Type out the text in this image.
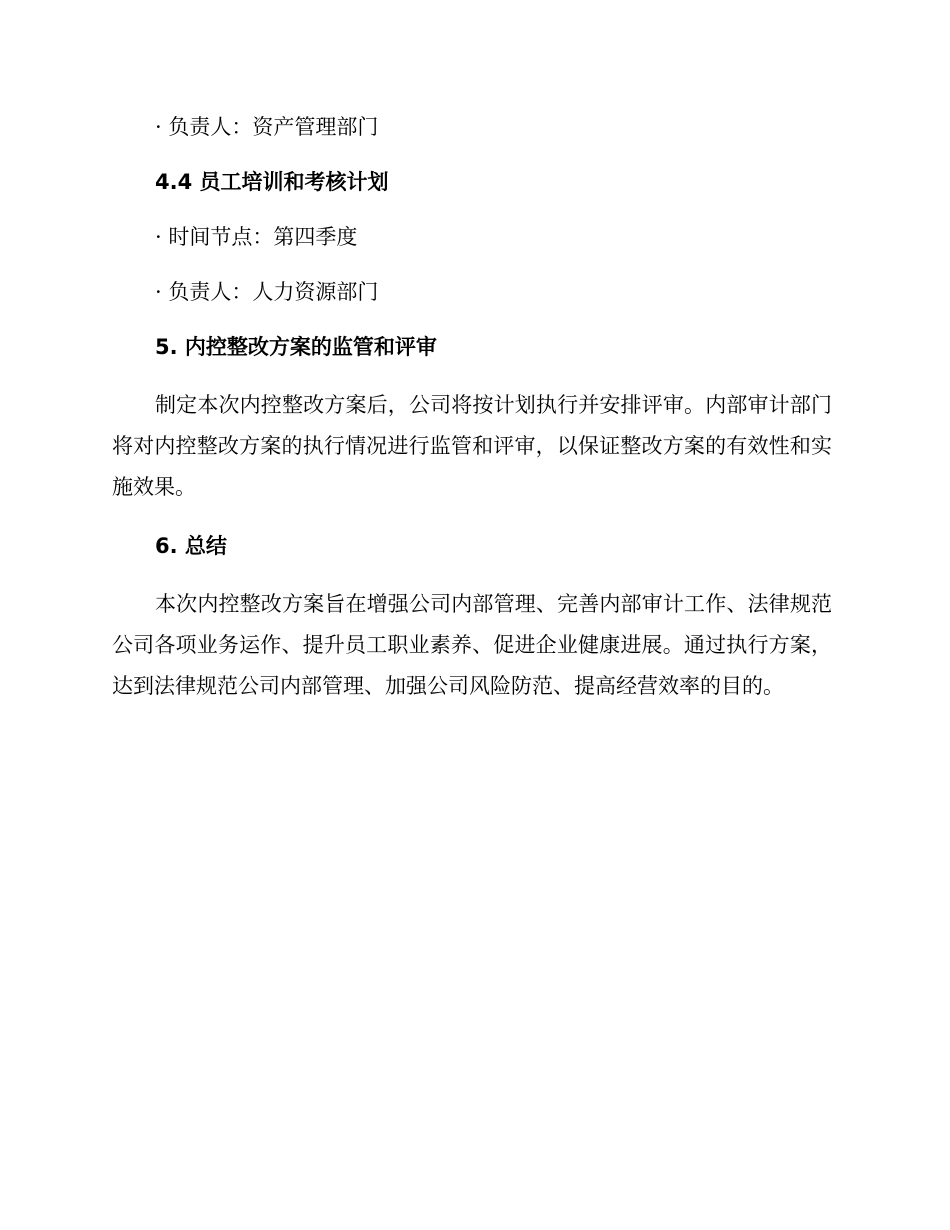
· 负责人：资产管理部门

4.4 员工培训和考核计划

· 时间节点：第四季度

· 负责人：人力资源部门

5. 内控整改方案的监管和评审

制定本次内控整改方案后，公司将按计划执行并安排评审。内部审计部门将对内控整改方案的执行情况进行监管和评审，以保证整改方案的有效性和实施效果。

6. 总结

本次内控整改方案旨在增强公司内部管理、完善内部审计工作、法律规范公司各项业务运作、提升员工职业素养、促进企业健康进展。通过执行方案，达到法律规范公司内部管理、加强公司风险防范、提高经营效率的目的。
